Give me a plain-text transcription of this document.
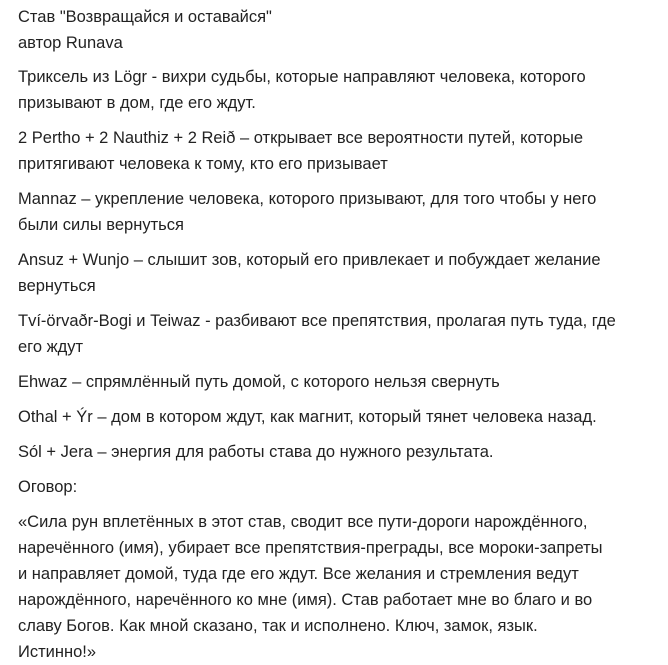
Став "Возвращайся и оставайся"
автор Runava
Триксель из Lögr - вихри судьбы, которые направляют человека, которого
призывают в дом, где его ждут.
2 Pertho + 2 Nauthiz + 2 Reið – открывает все вероятности путей, которые
притягивают человека к тому, кто его призывает
Mannaz – укрепление человека, которого призывают, для того чтобы у него
были силы вернуться
Ansuz + Wunjo – слышит зов, который его привлекает и побуждает желание
вернуться
Tví-örvaðr-Bogi и Teiwaz - разбивают все препятствия, пролагая путь туда, где
его ждут
Ehwaz – спрямлённый путь домой, с которого нельзя свернуть
Othal + Ýr – дом в котором ждут, как магнит, который тянет человека назад.
Sól + Jera – энергия для работы става до нужного результата.
Оговор:
«Сила рун вплетённых в этот став, сводит все пути-дороги нарождённого,
наречённого (имя), убирает все препятствия-преграды, все мороки-запреты
и направляет домой, туда где его ждут. Все желания и стремления ведут
нарождённого, наречённого ко мне (имя). Став работает мне во благо и во
славу Богов. Как мной сказано, так и исполнено. Ключ, замок, язык.
Истинно!»
